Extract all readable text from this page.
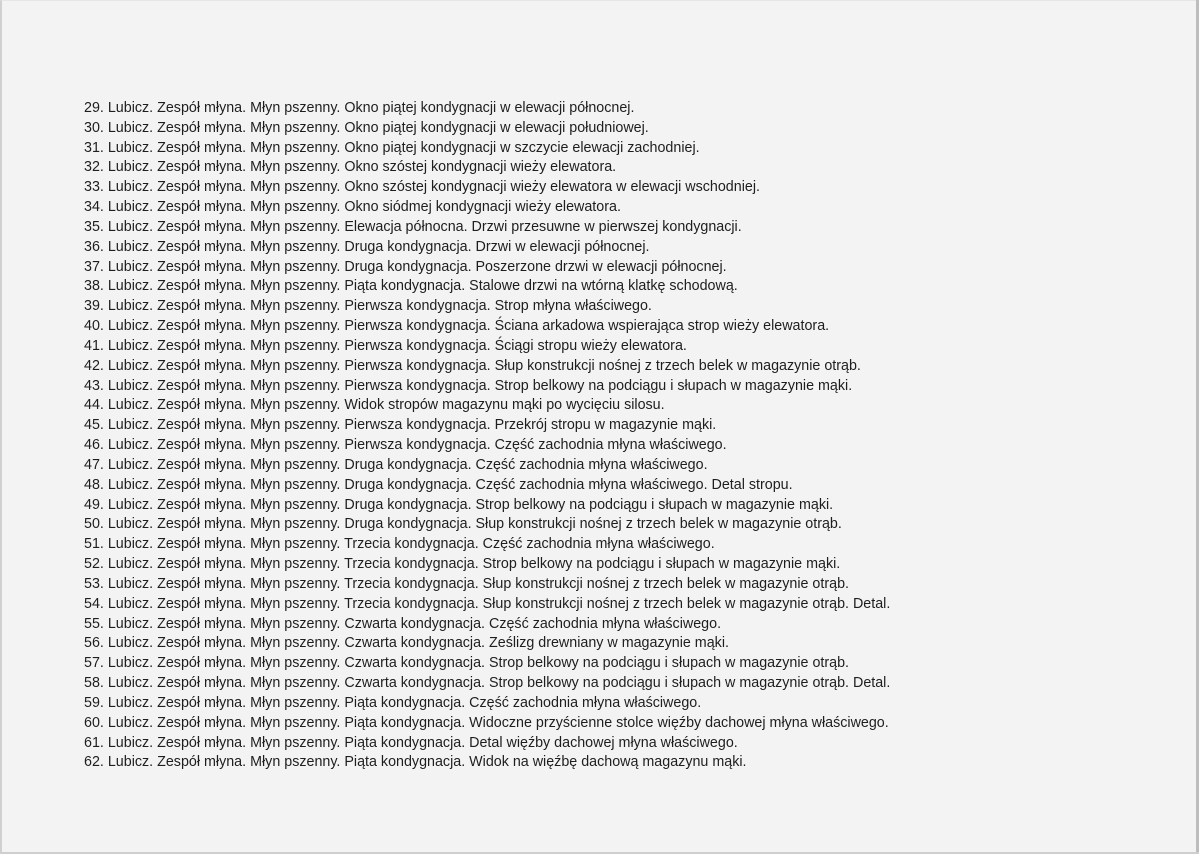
29. Lubicz. Zespół młyna. Młyn pszenny. Okno piątej kondygnacji w elewacji północnej.
30. Lubicz. Zespół młyna. Młyn pszenny. Okno piątej kondygnacji w elewacji południowej.
31. Lubicz. Zespół młyna. Młyn pszenny. Okno piątej kondygnacji w szczycie elewacji zachodniej.
32. Lubicz. Zespół młyna. Młyn pszenny. Okno szóstej kondygnacji wieży elewatora.
33. Lubicz. Zespół młyna. Młyn pszenny. Okno szóstej kondygnacji wieży elewatora w elewacji wschodniej.
34. Lubicz. Zespół młyna. Młyn pszenny. Okno siódmej kondygnacji wieży elewatora.
35. Lubicz. Zespół młyna. Młyn pszenny. Elewacja północna. Drzwi przesuwne w pierwszej kondygnacji.
36. Lubicz. Zespół młyna. Młyn pszenny. Druga kondygnacja. Drzwi w elewacji północnej.
37. Lubicz. Zespół młyna. Młyn pszenny. Druga kondygnacja. Poszerzone drzwi w elewacji północnej.
38. Lubicz. Zespół młyna. Młyn pszenny. Piąta kondygnacja. Stalowe drzwi na wtórną klatkę schodową.
39. Lubicz. Zespół młyna. Młyn pszenny. Pierwsza kondygnacja. Strop młyna właściwego.
40. Lubicz. Zespół młyna. Młyn pszenny. Pierwsza kondygnacja. Ściana arkadowa wspierająca strop wieży elewatora.
41. Lubicz. Zespół młyna. Młyn pszenny. Pierwsza kondygnacja. Ściągi stropu wieży elewatora.
42. Lubicz. Zespół młyna. Młyn pszenny. Pierwsza kondygnacja. Słup konstrukcji nośnej z trzech belek w magazynie otrąb.
43. Lubicz. Zespół młyna. Młyn pszenny. Pierwsza kondygnacja. Strop belkowy na podciągu i słupach w magazynie mąki.
44. Lubicz. Zespół młyna. Młyn pszenny. Widok stropów magazynu mąki po wycięciu silosu.
45. Lubicz. Zespół młyna. Młyn pszenny. Pierwsza kondygnacja. Przekrój stropu w magazynie mąki.
46. Lubicz. Zespół młyna. Młyn pszenny. Pierwsza kondygnacja. Część zachodnia młyna właściwego.
47. Lubicz. Zespół młyna. Młyn pszenny. Druga kondygnacja. Część zachodnia młyna właściwego.
48. Lubicz. Zespół młyna. Młyn pszenny. Druga kondygnacja. Część zachodnia młyna właściwego. Detal stropu.
49. Lubicz. Zespół młyna. Młyn pszenny. Druga kondygnacja. Strop belkowy na podciągu i słupach w magazynie mąki.
50. Lubicz. Zespół młyna. Młyn pszenny. Druga kondygnacja. Słup konstrukcji nośnej z trzech belek w magazynie otrąb.
51. Lubicz. Zespół młyna. Młyn pszenny. Trzecia kondygnacja. Część zachodnia młyna właściwego.
52. Lubicz. Zespół młyna. Młyn pszenny. Trzecia kondygnacja. Strop belkowy na podciągu i słupach w magazynie mąki.
53. Lubicz. Zespół młyna. Młyn pszenny. Trzecia kondygnacja. Słup konstrukcji nośnej z trzech belek w magazynie otrąb.
54. Lubicz. Zespół młyna. Młyn pszenny. Trzecia kondygnacja. Słup konstrukcji nośnej z trzech belek w magazynie otrąb. Detal.
55. Lubicz. Zespół młyna. Młyn pszenny. Czwarta kondygnacja. Część zachodnia młyna właściwego.
56. Lubicz. Zespół młyna. Młyn pszenny. Czwarta kondygnacja. Ześlizg drewniany w magazynie mąki.
57. Lubicz. Zespół młyna. Młyn pszenny. Czwarta kondygnacja. Strop belkowy na podciągu i słupach w magazynie otrąb.
58. Lubicz. Zespół młyna. Młyn pszenny. Czwarta kondygnacja. Strop belkowy na podciągu i słupach w magazynie otrąb. Detal.
59. Lubicz. Zespół młyna. Młyn pszenny. Piąta kondygnacja. Część zachodnia młyna właściwego.
60. Lubicz. Zespół młyna. Młyn pszenny. Piąta kondygnacja. Widoczne przyścienne stolce więźby dachowej młyna właściwego.
61. Lubicz. Zespół młyna. Młyn pszenny. Piąta kondygnacja. Detal więźby dachowej młyna właściwego.
62. Lubicz. Zespół młyna. Młyn pszenny. Piąta kondygnacja. Widok na więźbę dachową magazynu mąki.
